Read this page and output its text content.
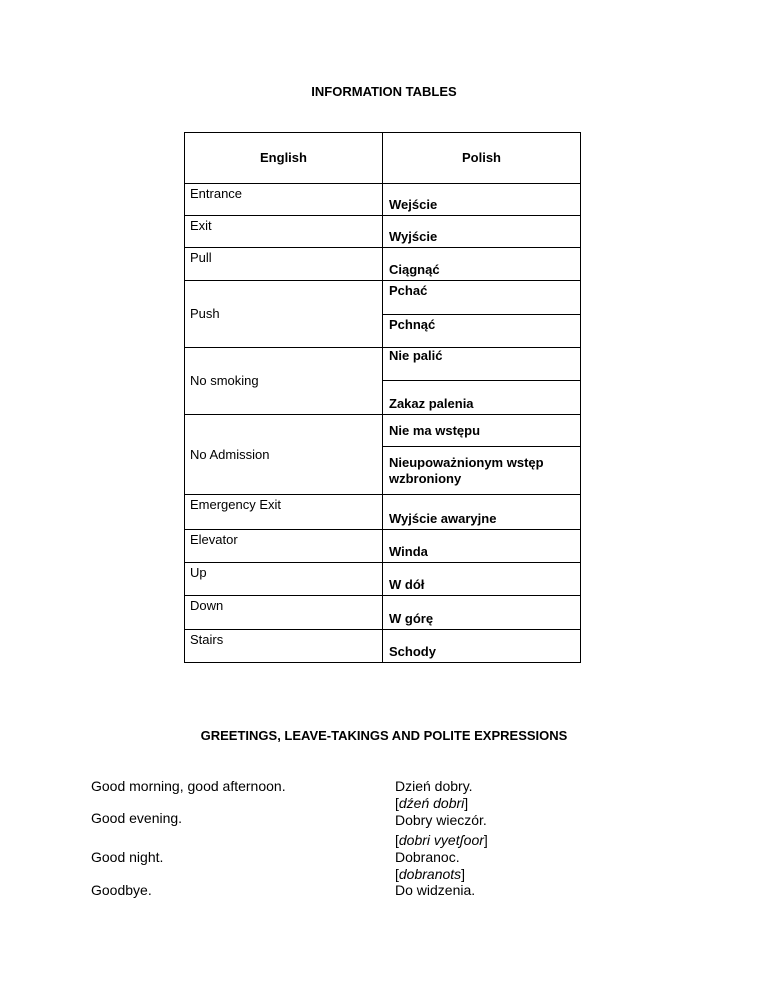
INFORMATION TABLES
English	Polish
Entrance
Wejście
Exit
Wyjście
Pull
Ciągnąć
Push
Pchać
Pchnąć
No smoking
Nie palić
Zakaz palenia
No Admission
Nie ma wstępu
Nieupoważnionym wstęp wzbroniony
Emergency Exit
Wyjście awaryjne
Elevator
Winda
Up
W dół
Down
W górę
Stairs
Schody
GREETINGS, LEAVE-TAKINGS AND POLITE EXPRESSIONS

Good morning, good afternoon.

Good evening.

Good night.

Goodbye.

Dzień dobry.

[dźeń dobri]

Dobry wieczór.

[dobri vyetʃoor]

Dobranoc.

[dobranots]

Do widzenia.
